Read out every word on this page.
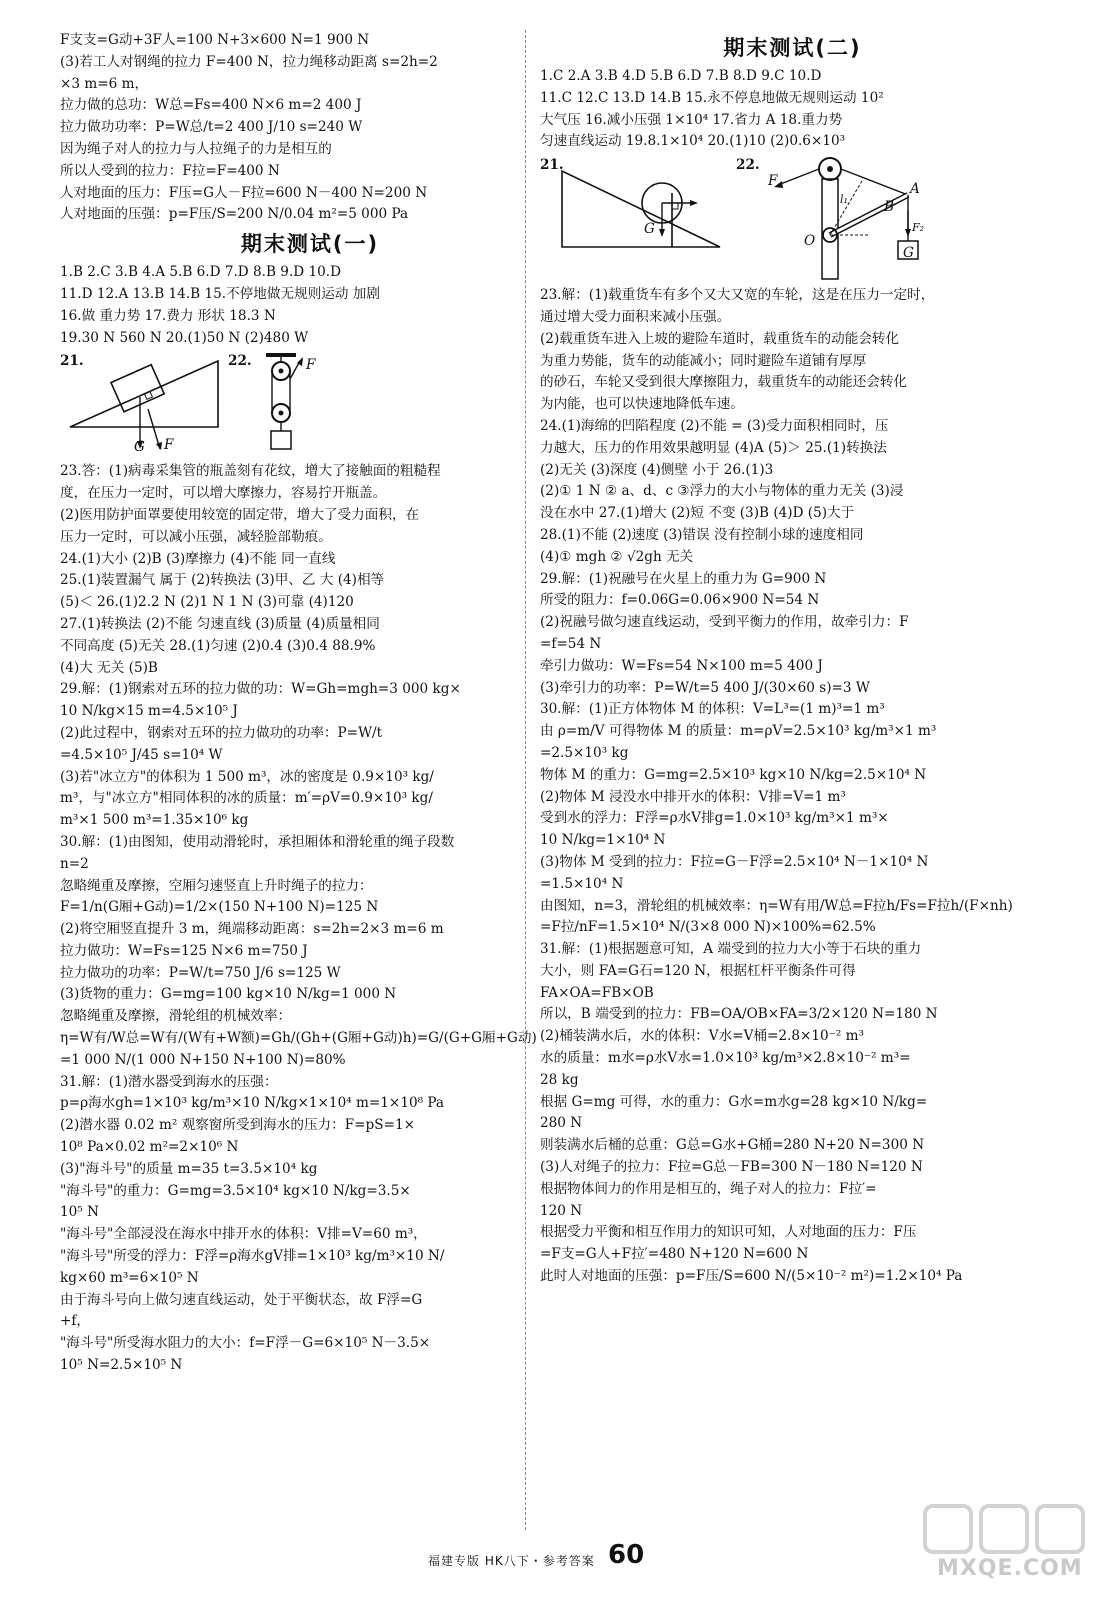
F支支=G动+3F人=100 N+3×600 N=1 900 N
(3)若工人对钢绳的拉力 F=400 N，拉力绳移动距离 s=2h=2
×3 m=6 m，
拉力做的总功：W总=Fs=400 N×6 m=2 400 J
拉力做功功率：P=W总/t=2 400 J/10 s=240 W
因为绳子对人的拉力与人拉绳子的力是相互的
所以人受到的拉力：F拉=F=400 N
人对地面的压力：F压=G人－F拉=600 N－400 N=200 N
人对地面的压强：p=F压/S=200 N/0.04 m²=5 000 Pa
期末测试(一)
1.B 2.C 3.B 4.A 5.B 6.D 7.D 8.B 9.D 10.D
11.D 12.A 13.B 14.B 15.不停地做无规则运动 加剧
16.做 重力势 17.费力 形状 18.3 N
19.30 N 560 N 20.(1)50 N (2)480 W
21.
G F
22.	F
23.答：(1)病毒采集管的瓶盖刻有花纹，增大了接触面的粗糙程
度，在压力一定时，可以增大摩擦力，容易拧开瓶盖。
(2)医用防护面罩要使用较宽的固定带，增大了受力面积，在
压力一定时，可以减小压强，减轻脸部勒痕。
24.(1)大小 (2)B (3)摩擦力 (4)不能 同一直线
25.(1)装置漏气 属于 (2)转换法 (3)甲、乙 大 (4)相等
(5)＜ 26.(1)2.2 N (2)1 N 1 N (3)可靠 (4)120
27.(1)转换法 (2)不能 匀速直线 (3)质量 (4)质量相同
不同高度 (5)无关 28.(1)匀速 (2)0.4 (3)0.4 88.9%
(4)大 无关 (5)B
29.解：(1)钢索对五环的拉力做的功：W=Gh=mgh=3 000 kg×
10 N/kg×15 m=4.5×10⁵ J
(2)此过程中，钢索对五环的拉力做功的功率：P=W/t
=4.5×10⁵ J/45 s=10⁴ W
(3)若"冰立方"的体积为 1 500 m³，冰的密度是 0.9×10³ kg/
m³，与"冰立方"相同体积的冰的质量：m′=ρV=0.9×10³ kg/
m³×1 500 m³=1.35×10⁶ kg
30.解：(1)由图知，使用动滑轮时，承担厢体和滑轮重的绳子段数
n=2
忽略绳重及摩擦，空厢匀速竖直上升时绳子的拉力：
F=1/n(G厢+G动)=1/2×(150 N+100 N)=125 N
(2)将空厢竖直提升 3 m，绳端移动距离：s=2h=2×3 m=6 m
拉力做功：W=Fs=125 N×6 m=750 J
拉力做功的功率：P=W/t=750 J/6 s=125 W
(3)货物的重力：G=mg=100 kg×10 N/kg=1 000 N
忽略绳重及摩擦，滑轮组的机械效率：
η=W有/W总=W有/(W有+W额)=Gh/(Gh+(G厢+G动)h)=G/(G+G厢+G动)
=1 000 N/(1 000 N+150 N+100 N)=80%
31.解：(1)潜水器受到海水的压强：
p=ρ海水gh=1×10³ kg/m³×10 N/kg×1×10⁴ m=1×10⁸ Pa
(2)潜水器 0.02 m² 观察窗所受到海水的压力：F=pS=1×
10⁸ Pa×0.02 m²=2×10⁶ N
(3)"海斗号"的质量 m=35 t=3.5×10⁴ kg
"海斗号"的重力：G=mg=3.5×10⁴ kg×10 N/kg=3.5×
10⁵ N
"海斗号"全部浸没在海水中排开水的体积：V排=V=60 m³，
"海斗号"所受的浮力：F浮=ρ海水gV排=1×10³ kg/m³×10 N/
kg×60 m³=6×10⁵ N
由于海斗号向上做匀速直线运动，处于平衡状态，故 F浮=G
+f，
"海斗号"所受海水阻力的大小：f=F浮－G=6×10⁵ N－3.5×
10⁵ N=2.5×10⁵ N
期末测试(二)
1.C 2.A 3.B 4.D 5.B 6.D 7.B 8.D 9.C 10.D
11.C 12.C 13.D 14.B 15.永不停息地做无规则运动 10²
大气压 16.减小压强 1×10⁴ 17.省力 A 18.重力势
匀速直线运动 19.8.1×10⁴ 20.(1)10 (2)0.6×10³
21.
G
22.
F
l₁
A
B
O
F₂
G
23.解：(1)载重货车有多个又大又宽的车轮，这是在压力一定时，
通过增大受力面积来减小压强。
(2)载重货车进入上坡的避险车道时，载重货车的动能会转化
为重力势能，货车的动能减小；同时避险车道铺有厚厚
的砂石，车轮又受到很大摩擦阻力，载重货车的动能还会转化
为内能，也可以快速地降低车速。
24.(1)海绵的凹陷程度 (2)不能 = (3)受力面积相同时，压
力越大，压力的作用效果越明显 (4)A (5)＞ 25.(1)转换法
(2)无关 (3)深度 (4)侧壁 小于 26.(1)3
(2)① 1 N ② a、d、c ③浮力的大小与物体的重力无关 (3)浸
没在水中 27.(1)增大 (2)短 不变 (3)B (4)D (5)大于
28.(1)不能 (2)速度 (3)错误 没有控制小球的速度相同
(4)① mgh ② √2gh 无关
29.解：(1)祝融号在火星上的重力为 G=900 N
所受的阻力：f=0.06G=0.06×900 N=54 N
(2)祝融号做匀速直线运动，受到平衡力的作用，故牵引力：F
=f=54 N
牵引力做功：W=Fs=54 N×100 m=5 400 J
(3)牵引力的功率：P=W/t=5 400 J/(30×60 s)=3 W
30.解：(1)正方体物体 M 的体积：V=L³=(1 m)³=1 m³
由 ρ=m/V 可得物体 M 的质量：m=ρV=2.5×10³ kg/m³×1 m³
=2.5×10³ kg
物体 M 的重力：G=mg=2.5×10³ kg×10 N/kg=2.5×10⁴ N
(2)物体 M 浸没水中排开水的体积：V排=V=1 m³
受到水的浮力：F浮=ρ水V排g=1.0×10³ kg/m³×1 m³×
10 N/kg=1×10⁴ N
(3)物体 M 受到的拉力：F拉=G－F浮=2.5×10⁴ N－1×10⁴ N
=1.5×10⁴ N
由图知，n=3，滑轮组的机械效率：η=W有用/W总=F拉h/Fs=F拉h/(F×nh)
=F拉/nF=1.5×10⁴ N/(3×8 000 N)×100%=62.5%
31.解：(1)根据题意可知，A 端受到的拉力大小等于石块的重力
大小，则 FA=G石=120 N，根据杠杆平衡条件可得
FA×OA=FB×OB
所以，B 端受到的拉力：FB=OA/OB×FA=3/2×120 N=180 N
(2)桶装满水后，水的体积：V水=V桶=2.8×10⁻² m³
水的质量：m水=ρ水V水=1.0×10³ kg/m³×2.8×10⁻² m³=
28 kg
根据 G=mg 可得，水的重力：G水=m水g=28 kg×10 N/kg=
280 N
则装满水后桶的总重：G总=G水+G桶=280 N+20 N=300 N
(3)人对绳子的拉力：F拉=G总－FB=300 N－180 N=120 N
根据物体间力的作用是相互的，绳子对人的拉力：F拉′=
120 N
根据受力平衡和相互作用力的知识可知，人对地面的压力：F压
=F支=G人+F拉′=480 N+120 N=600 N
此时人对地面的压强：p=F压/S=600 N/(5×10⁻² m²)=1.2×10⁴ Pa
福建专版 HK八下・参考答案 60	MXQE.COM
